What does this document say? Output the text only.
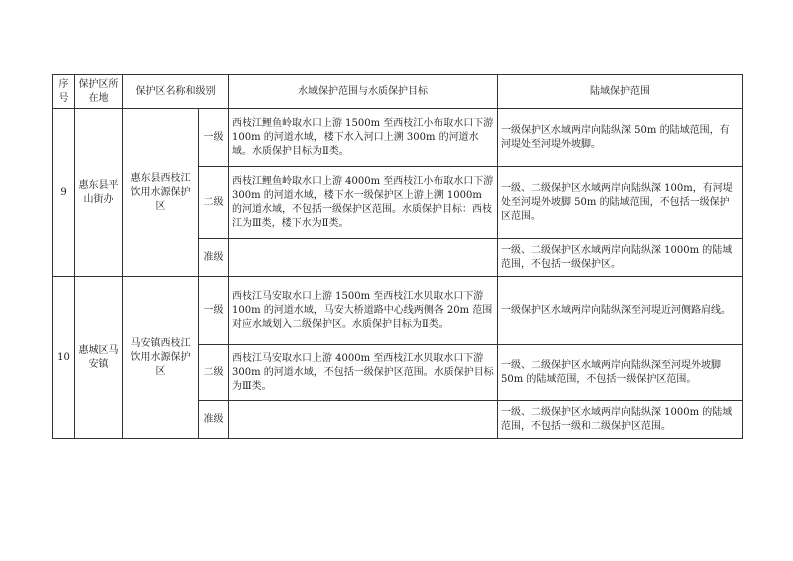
序号	保护区所在地	保护区名称和级别		水域保护范围与水质保护目标	陆域保护范围
9	惠东县平山街办	惠东县西枝江饮用水源保护区	一级	西枝江鲤鱼岭取水口上游 1500m 至西枝江小布取水口下游 100m 的河道水域，楼下水入河口上溯 300m 的河道水域。水质保护目标为Ⅱ类。	一级保护区水域两岸向陆纵深 50m 的陆域范围，有河堤处至河堤外坡脚。
			二级	西枝江鲤鱼岭取水口上游 4000m 至西枝江小布取水口下游 300m 的河道水域，楼下水一级保护区上游上溯 1000m 的河道水域，不包括一级保护区范围。水质保护目标：西枝江为Ⅲ类，楼下水为Ⅱ类。	一级、二级保护区水域两岸向陆纵深 100m，有河堤处至河堤外坡脚 50m 的陆域范围，不包括一级保护区范围。
			准级		一级、二级保护区水域两岸向陆纵深 1000m 的陆域范围，不包括一级保护区。
10	惠城区马安镇	马安镇西枝江饮用水源保护区	一级	西枝江马安取水口上游 1500m 至西枝江水贝取水口下游 100m 的河道水域，马安大桥道路中心线两侧各 20m 范围对应水域划入二级保护区。水质保护目标为Ⅱ类。	一级保护区水域两岸向陆纵深至河堤近河侧路肩线。
			二级	西枝江马安取水口上游 4000m 至西枝江水贝取水口下游 300m 的河道水域，不包括一级保护区范围。水质保护目标为Ⅲ类。	一级、二级保护区水域两岸向陆纵深至河堤外坡脚 50m 的陆域范围，不包括一级保护区范围。
			准级		一级、二级保护区水域两岸向陆纵深 1000m 的陆域范围，不包括一级和二级保护区范围。
